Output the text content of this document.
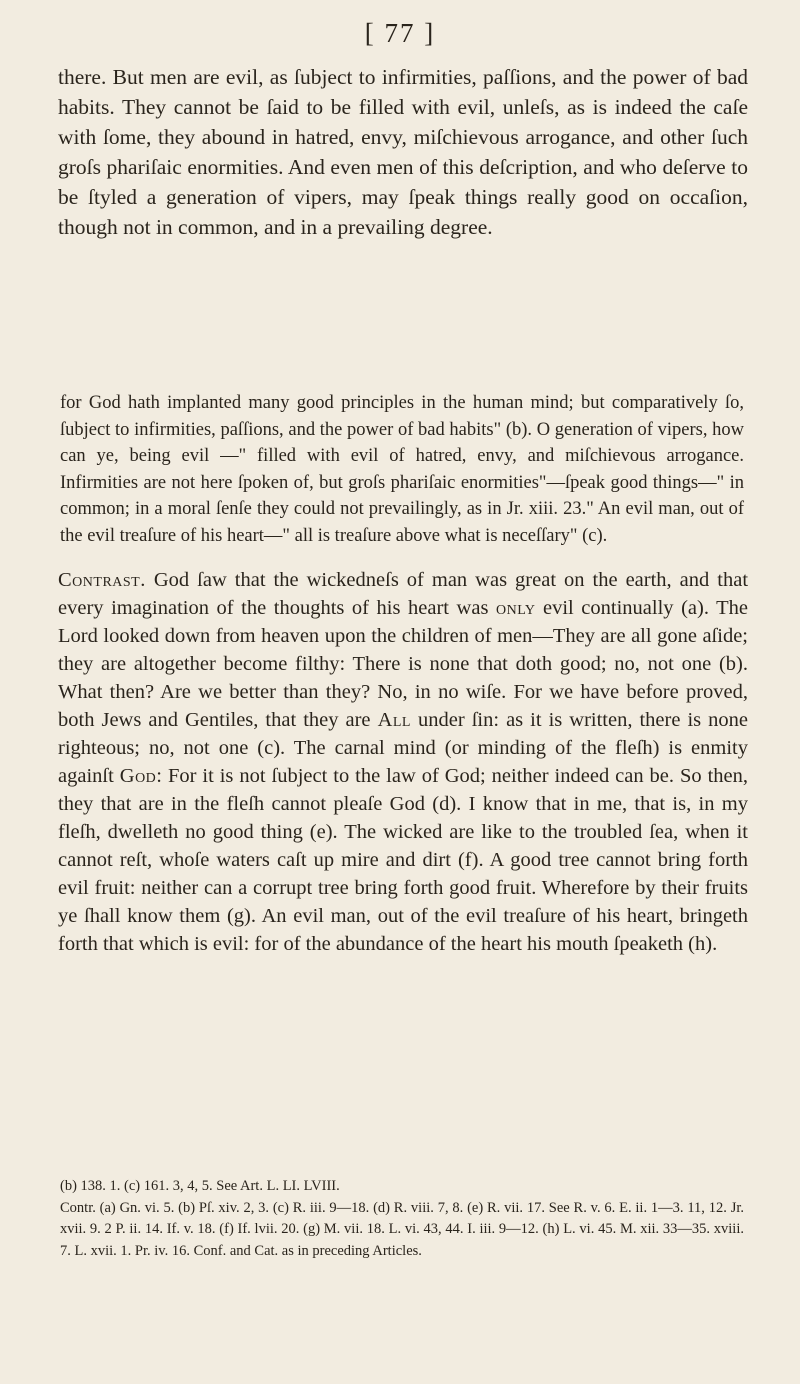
[ 77 ]

there. But men are evil, as ſubject to infirmities, paſſions, and the power of bad habits. They cannot be ſaid to be filled with evil, unleſs, as is indeed the caſe with ſome, they abound in hatred, envy, miſchievous arrogance, and other ſuch groſs phariſaic enormities. And even men of this deſcription, and who deſerve to be ſtyled a generation of vipers, may ſpeak things really good on occaſion, though not in common, and in a prevailing degree.

for God hath implanted many good principles in the human mind; but comparatively ſo, ſubject to infirmities, paſſions, and the power of bad habits" (b). O generation of vipers, how can ye, being evil —" filled with evil of hatred, envy, and miſchievous arrogance. Infirmities are not here ſpoken of, but groſs phariſaic enormities"—ſpeak good things—" in common; in a moral ſenſe they could not prevailingly, as in Jr. xiii. 23." An evil man, out of the evil treaſure of his heart—" all is treaſure above what is neceſſary" (c).

Contrast. God ſaw that the wickedneſs of man was great on the earth, and that every imagination of the thoughts of his heart was only evil continually (a). The Lord looked down from heaven upon the children of men—They are all gone aſide; they are altogether become filthy: There is none that doth good; no, not one (b). What then? Are we better than they? No, in no wiſe. For we have before proved, both Jews and Gentiles, that they are All under ſin: as it is written, there is none righteous; no, not one (c). The carnal mind (or minding of the fleſh) is enmity againſt God: For it is not ſubject to the law of God; neither indeed can be. So then, they that are in the fleſh cannot pleaſe God (d). I know that in me, that is, in my fleſh, dwelleth no good thing (e). The wicked are like to the troubled ſea, when it cannot reſt, whoſe waters caſt up mire and dirt (f). A good tree cannot bring forth evil fruit: neither can a corrupt tree bring forth good fruit. Wherefore by their fruits ye ſhall know them (g). An evil man, out of the evil treaſure of his heart, bringeth forth that which is evil: for of the abundance of the heart his mouth ſpeaketh (h).

(b) 138. 1. (c) 161. 3, 4, 5. See Art. L. LI. LVIII.
Contr. (a) Gn. vi. 5. (b) Pſ. xiv. 2, 3. (c) R. iii. 9—18. (d) R. viii. 7, 8. (e) R. vii. 17. See R. v. 6. E. ii. 1—3. 11, 12. Jr. xvii. 9. 2 P. ii. 14. If. v. 18. (f) If. lvii. 20. (g) M. vii. 18. L. vi. 43, 44. I. iii. 9—12. (h) L. vi. 45. M. xii. 33—35. xviii. 7. L. xvii. 1. Pr. iv. 16. Conf. and Cat. as in preceding Articles.
